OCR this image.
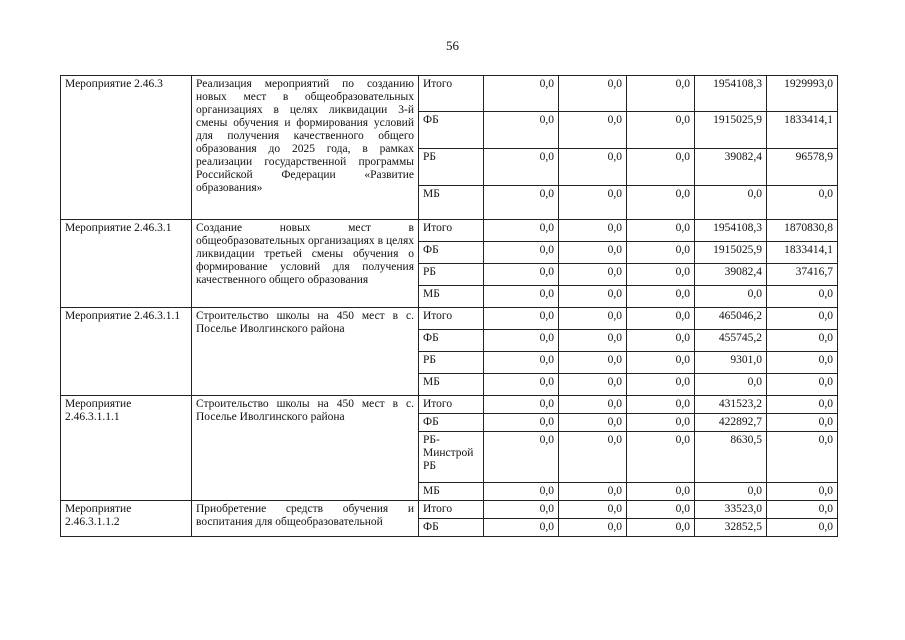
56
Мероприятие 2.46.3	Реализация мероприятий по созданию новых мест в общеобразовательных организациях в целях ликвидации 3-й смены обучения и формирования условий для получения качественного общего образования до 2025 года, в рамках реализации государственной программы Российской Федерации «Развитие образования»	Итого	0,0	0,0	0,0	1954108,3	1929993,0
		ФБ	0,0	0,0	0,0	1915025,9	1833414,1
		РБ	0,0	0,0	0,0	39082,4	96578,9
		МБ	0,0	0,0	0,0	0,0	0,0
Мероприятие 2.46.3.1	Создание новых мест в общеобразовательных организациях в целях ликвидации третьей смены обучения о формирование условий для получения качественного общего образования	Итого	0,0	0,0	0,0	1954108,3	1870830,8
		ФБ	0,0	0,0	0,0	1915025,9	1833414,1
		РБ	0,0	0,0	0,0	39082,4	37416,7
		МБ	0,0	0,0	0,0	0,0	0,0
Мероприятие 2.46.3.1.1	Строительство школы на 450 мест в с. Поселье Иволгинского района	Итого	0,0	0,0	0,0	465046,2	0,0
		ФБ	0,0	0,0	0,0	455745,2	0,0
		РБ	0,0	0,0	0,0	9301,0	0,0
		МБ	0,0	0,0	0,0	0,0	0,0
Мероприятие 2.46.3.1.1.1	Строительство школы на 450 мест в с. Поселье Иволгинского района	Итого	0,0	0,0	0,0	431523,2	0,0
		ФБ	0,0	0,0	0,0	422892,7	0,0
		РБ-Минстрой РБ	0,0	0,0	0,0	8630,5	0,0
		МБ	0,0	0,0	0,0	0,0	0,0
Мероприятие 2.46.3.1.1.2	Приобретение средств обучения и воспитания для общеобразовательной	Итого	0,0	0,0	0,0	33523,0	0,0
		ФБ	0,0	0,0	0,0	32852,5	0,0
